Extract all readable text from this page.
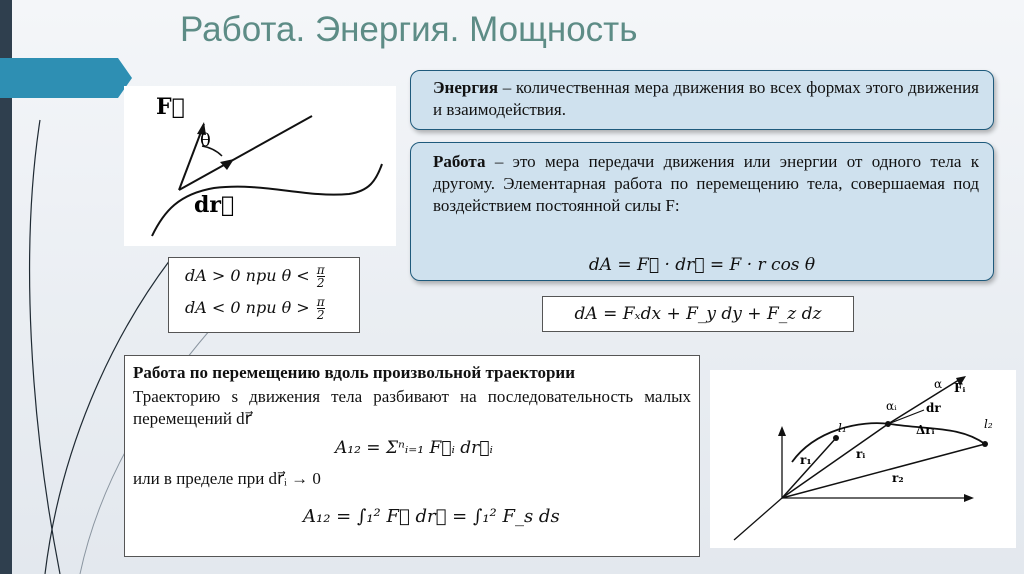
Работа. Энергия. Мощность
F⃗
θ
dr⃗
dA > 0 при $\theta < \frac{\pi}{2}$
dA < 0 при $\theta > \frac{\pi}{2}$

Энергия – количественная мера движения во всех формах этого движения и взаимодействия.

Работа – это мера передачи движения или энергии от одного тела к другому. Элементарная работа по перемещению тела, совершаемая под воздействием постоянной силы F:

dA = F⃗ · dr⃗ = F · r cos θ
dA = Fₓdx + F_y dy + F_z dz

Работа по перемещению вдоль произвольной траектории

Траекторию s движения тела разбивают на последовательность малых перемещений dr⃗

A₁₂ = Σⁿᵢ₌₁ F⃗ᵢ dr⃗ᵢ

или в пределе при dr⃗ᵢ → 0

A₁₂ = ∫₁² F⃗ dr⃗ = ∫₁² F_s ds
α
αᵢ
Fᵢ
dr
Δrᵢ
l₁	l₂
r₁	rᵢ
r₂
